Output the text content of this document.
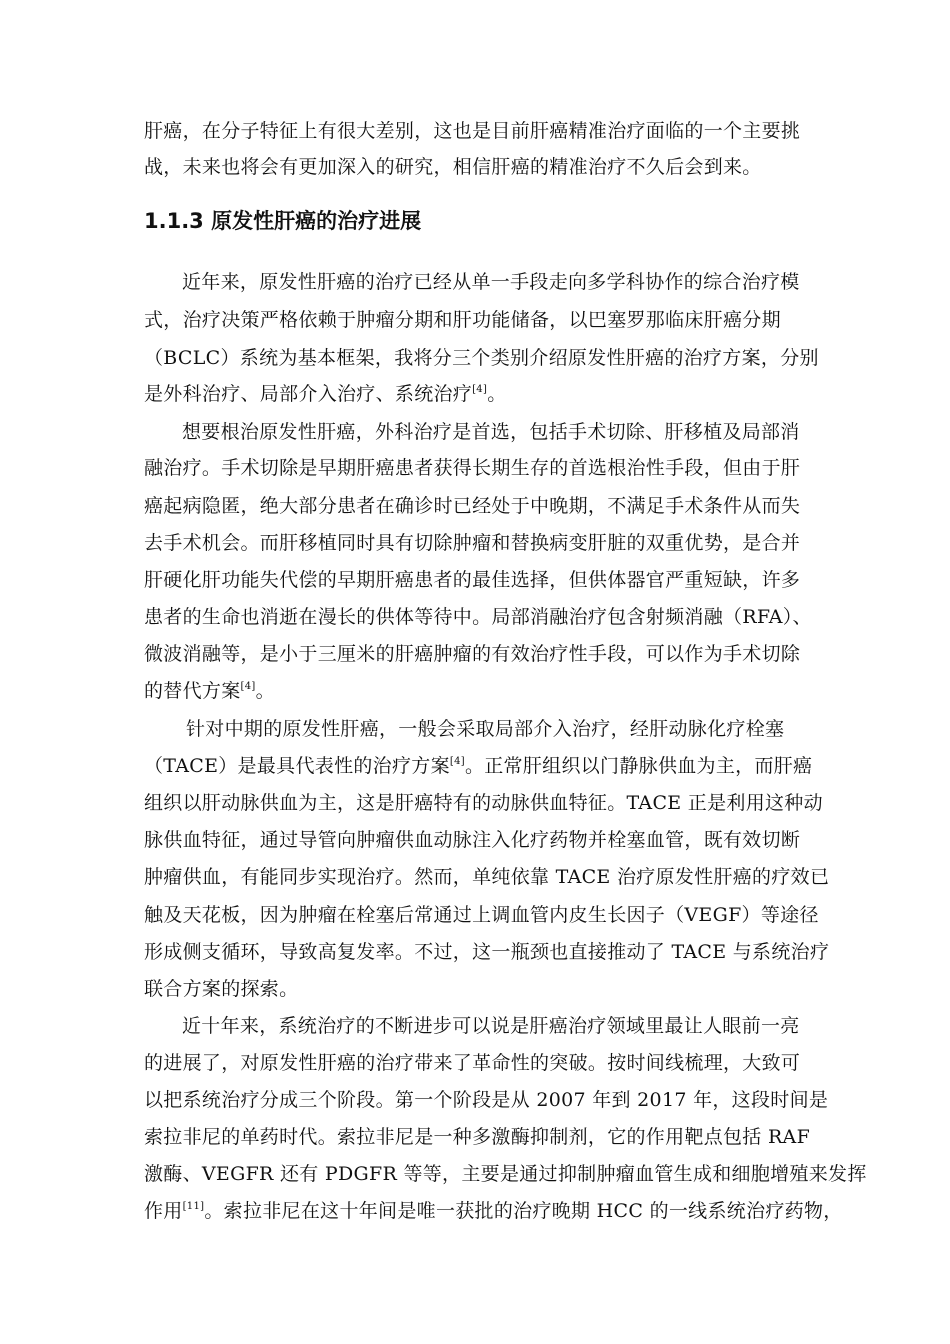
肝癌，在分子特征上有很大差别，这也是目前肝癌精准治疗面临的一个主要挑
战，未来也将会有更加深入的研究，相信肝癌的精准治疗不久后会到来。
1.1.3 原发性肝癌的治疗进展
近年来，原发性肝癌的治疗已经从单一手段走向多学科协作的综合治疗模
式，治疗决策严格依赖于肿瘤分期和肝功能储备，以巴塞罗那临床肝癌分期
（BCLC）系统为基本框架，我将分三个类别介绍原发性肝癌的治疗方案，分别
是外科治疗、局部介入治疗、系统治疗[4]。
想要根治原发性肝癌，外科治疗是首选，包括手术切除、肝移植及局部消
融治疗。手术切除是早期肝癌患者获得长期生存的首选根治性手段，但由于肝
癌起病隐匿，绝大部分患者在确诊时已经处于中晚期，不满足手术条件从而失
去手术机会。而肝移植同时具有切除肿瘤和替换病变肝脏的双重优势，是合并
肝硬化肝功能失代偿的早期肝癌患者的最佳选择，但供体器官严重短缺，许多
患者的生命也消逝在漫长的供体等待中。局部消融治疗包含射频消融（RFA）、
微波消融等，是小于三厘米的肝癌肿瘤的有效治疗性手段，可以作为手术切除
的替代方案[4]。
针对中期的原发性肝癌，一般会采取局部介入治疗，经肝动脉化疗栓塞
（TACE）是最具代表性的治疗方案[4]。正常肝组织以门静脉供血为主，而肝癌
组织以肝动脉供血为主，这是肝癌特有的动脉供血特征。TACE 正是利用这种动
脉供血特征，通过导管向肿瘤供血动脉注入化疗药物并栓塞血管，既有效切断
肿瘤供血，有能同步实现治疗。然而，单纯依靠 TACE 治疗原发性肝癌的疗效已
触及天花板，因为肿瘤在栓塞后常通过上调血管内皮生长因子（VEGF）等途径
形成侧支循环，导致高复发率。不过，这一瓶颈也直接推动了 TACE 与系统治疗
联合方案的探索。
近十年来，系统治疗的不断进步可以说是肝癌治疗领域里最让人眼前一亮
的进展了，对原发性肝癌的治疗带来了革命性的突破。按时间线梳理，大致可
以把系统治疗分成三个阶段。第一个阶段是从 2007 年到 2017 年，这段时间是
索拉非尼的单药时代。索拉非尼是一种多激酶抑制剂，它的作用靶点包括 RAF
激酶、VEGFR 还有 PDGFR 等等，主要是通过抑制肿瘤血管生成和细胞增殖来发挥
作用[11]。索拉非尼在这十年间是唯一获批的治疗晚期 HCC 的一线系统治疗药物，
